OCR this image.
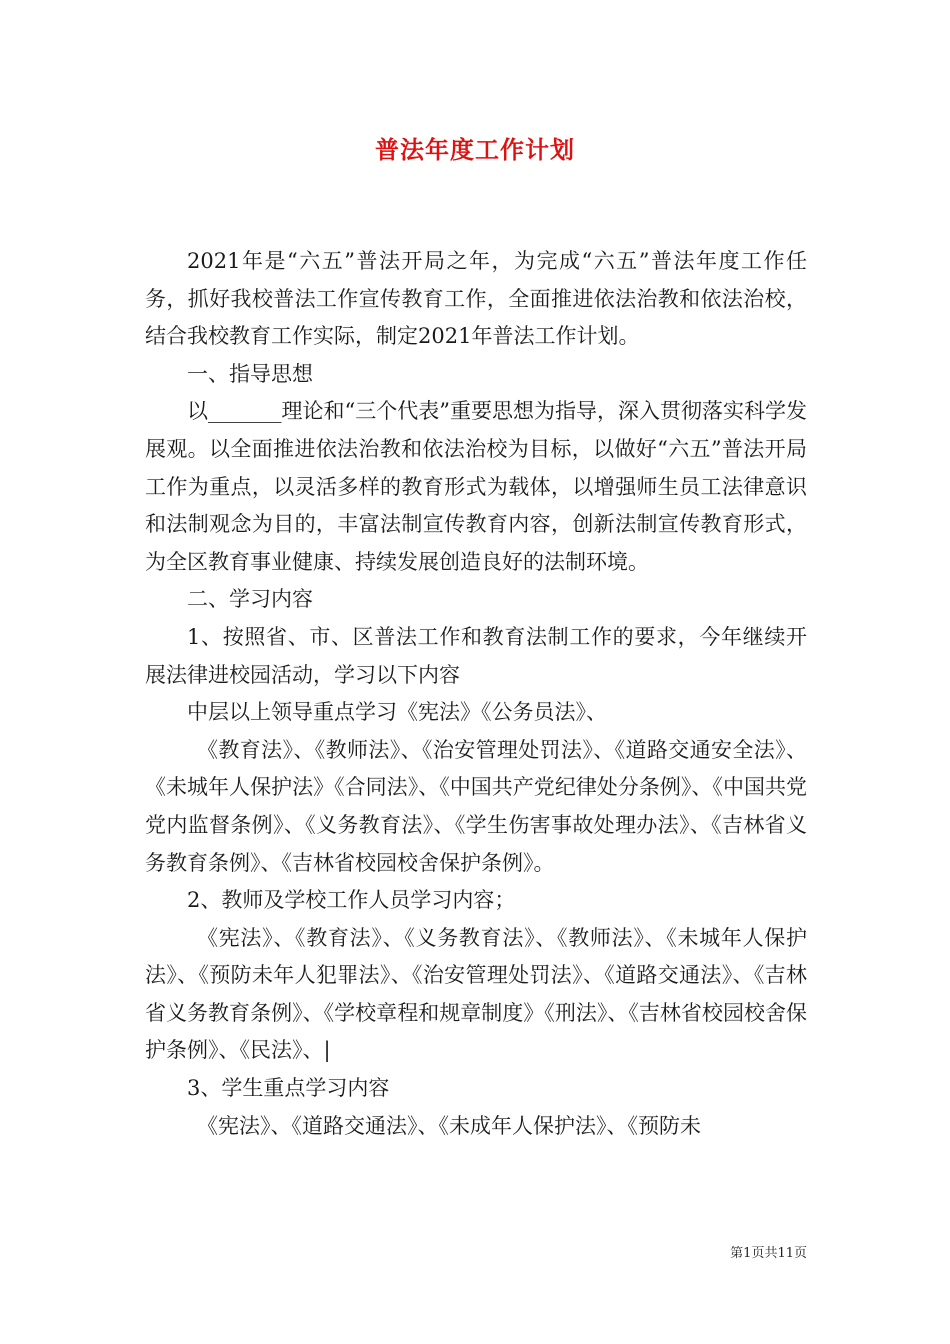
普法年度工作计划

2021年是“六五”普法开局之年，为完成“六五”普法年度工作任务，抓好我校普法工作宣传教育工作，全面推进依法治教和依法治校，结合我校教育工作实际，制定2021年普法工作计划。

一、指导思想

以_______理论和“三个代表”重要思想为指导，深入贯彻落实科学发展观。以全面推进依法治教和依法治校为目标，以做好“六五”普法开局工作为重点，以灵活多样的教育形式为载体，以增强师生员工法律意识和法制观念为目的，丰富法制宣传教育内容，创新法制宣传教育形式，为全区教育事业健康、持续发展创造良好的法制环境。

二、学习内容

1、按照省、市、区普法工作和教育法制工作的要求，今年继续开展法律进校园活动，学习以下内容

中层以上领导重点学习《宪法》《公务员法》、

《教育法》、《教师法》、《治安管理处罚法》、《道路交通安全法》、《未城年人保护法》《合同法》、《中国共产党纪律处分条例》、《中国共党党内监督条例》、《义务教育法》、《学生伤害事故处理办法》、《吉林省义务教育条例》、《吉林省校园校舍保护条例》。

2、教师及学校工作人员学习内容；

《宪法》、《教育法》、《义务教育法》、《教师法》、《未城年人保护法》、《预防未年人犯罪法》、《治安管理处罚法》、《道路交通法》、《吉林省义务教育条例》、《学校章程和规章制度》《刑法》、《吉林省校园校舍保护条例》、《民法》、|

3、学生重点学习内容

《宪法》、《道路交通法》、《未成年人保护法》、《预防未

第1页共11页
